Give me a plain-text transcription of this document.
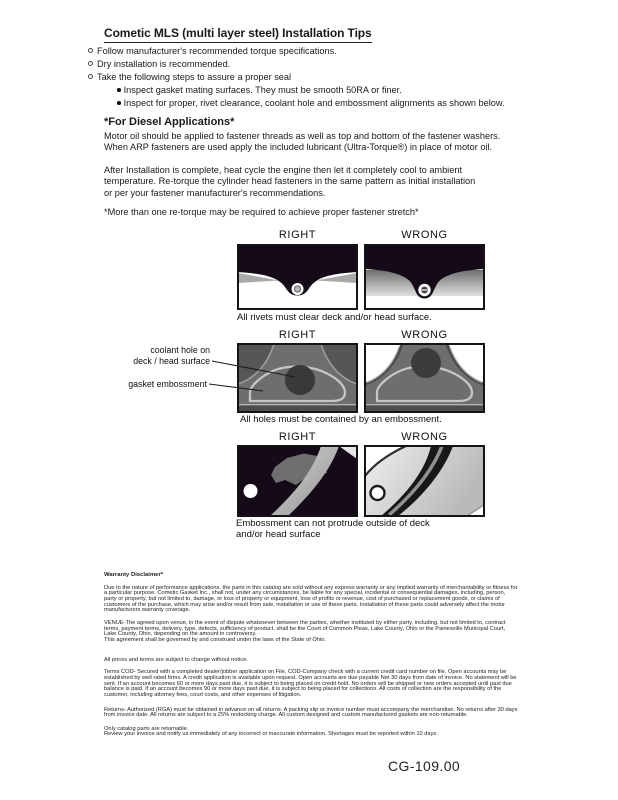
Cometic MLS (multi layer steel) Installation Tips
Follow manufacturer's recommended torque specifications.
Dry installation is recommended.
Take the following steps to assure a proper seal
Inspect gasket mating surfaces. They must be smooth 50RA or finer.
Inspect for proper, rivet clearance, coolant hole and embossment alignments as shown below.
*For Diesel Applications*
Motor oil should be applied to fastener threads as well as top and bottom of the fastener washers.
When ARP fasteners are used apply the included lubricant (Ultra-Torque®) in place of motor oil.
After Installation is complete, heat cycle the engine then let it completely cool to ambient
temperature. Re-torque the cylinder head fasteners in the same pattern as initial installation
or per your fastener manufacturer's recommendations.
*More than one re-torque may be required to achieve proper fastener stretch*
RIGHT	WRONG
All rivets must clear deck and/or head surface.
RIGHT	WRONG
coolant hole on
deck / head surface
gasket embossment
All holes must be contained by an embossment.
RIGHT	WRONG
Embossment can not protrude outside of deck
and/or head surface
Warranty Disclaimer*

Due to the nature of performance applications, the parts in this catalog are sold without any express warranty or any implied warranty of merchantability or fitness for a particular purpose. Cometic Gasket Inc., shall not, under any circumstances, be liable for any special, incidental or consequential damages, including, person, party or property, but not limited to, damage, or loss of property or equipment, loss of profits or revenue, cost of purchased or replacement goods, or claims of customers of the purchase, which may arise and/or result from sale, installation or use of these parts. Installation of these parts could adversely affect the motor manufacturers warranty coverage.

VENUE-The agreed upon venue, in the event of dispute whatsoever between the parties, whether instituted by either party, including, but not limited to, contract terms, payment terms, delivery, type, defects, sufficiency of product, shall be the Court of Common Pleas, Lake County, Ohio or the Painesville Municipal Court, Lake County, Ohio, depending on the amount in controversy.

This agreement shall be governed by and construed under the laws of the State of Ohio.

All prices and terms are subject to change without notice.

Terms COD- Secured with a completed dealer/jobber application on File, COD-Company check with a current credit card number on file. Open accounts may be established by well rated firms. A credit application is available upon request. Open accounts are due payable Net 30 days from date of invoice. No statement will be sent. If an account becomes 60 or more days past due, it is subject to being placed on credit hold. No orders will be shipped or new orders accepted until past due balance is paid. If an account becomes 90 or more days past due, it is subject to being placed for collections. All costs of collection are the responsibility of the customer, including attorney fees, court costs, and other expenses of litigation.

Returns- Authorized (RGA) must be obtained in advance on all returns. A packing slip or invoice number must accompany the merchandise. No returns after 30 days from invoice date. All returns are subject to a 25% restocking charge. All custom designed and custom manufactured gaskets are non-returnable.

Only catalog parts are returnable.

Review your invoice and notify us immediately of any incorrect or inaccurate information. Shortages must be reported within 10 days.

CG-109.00
